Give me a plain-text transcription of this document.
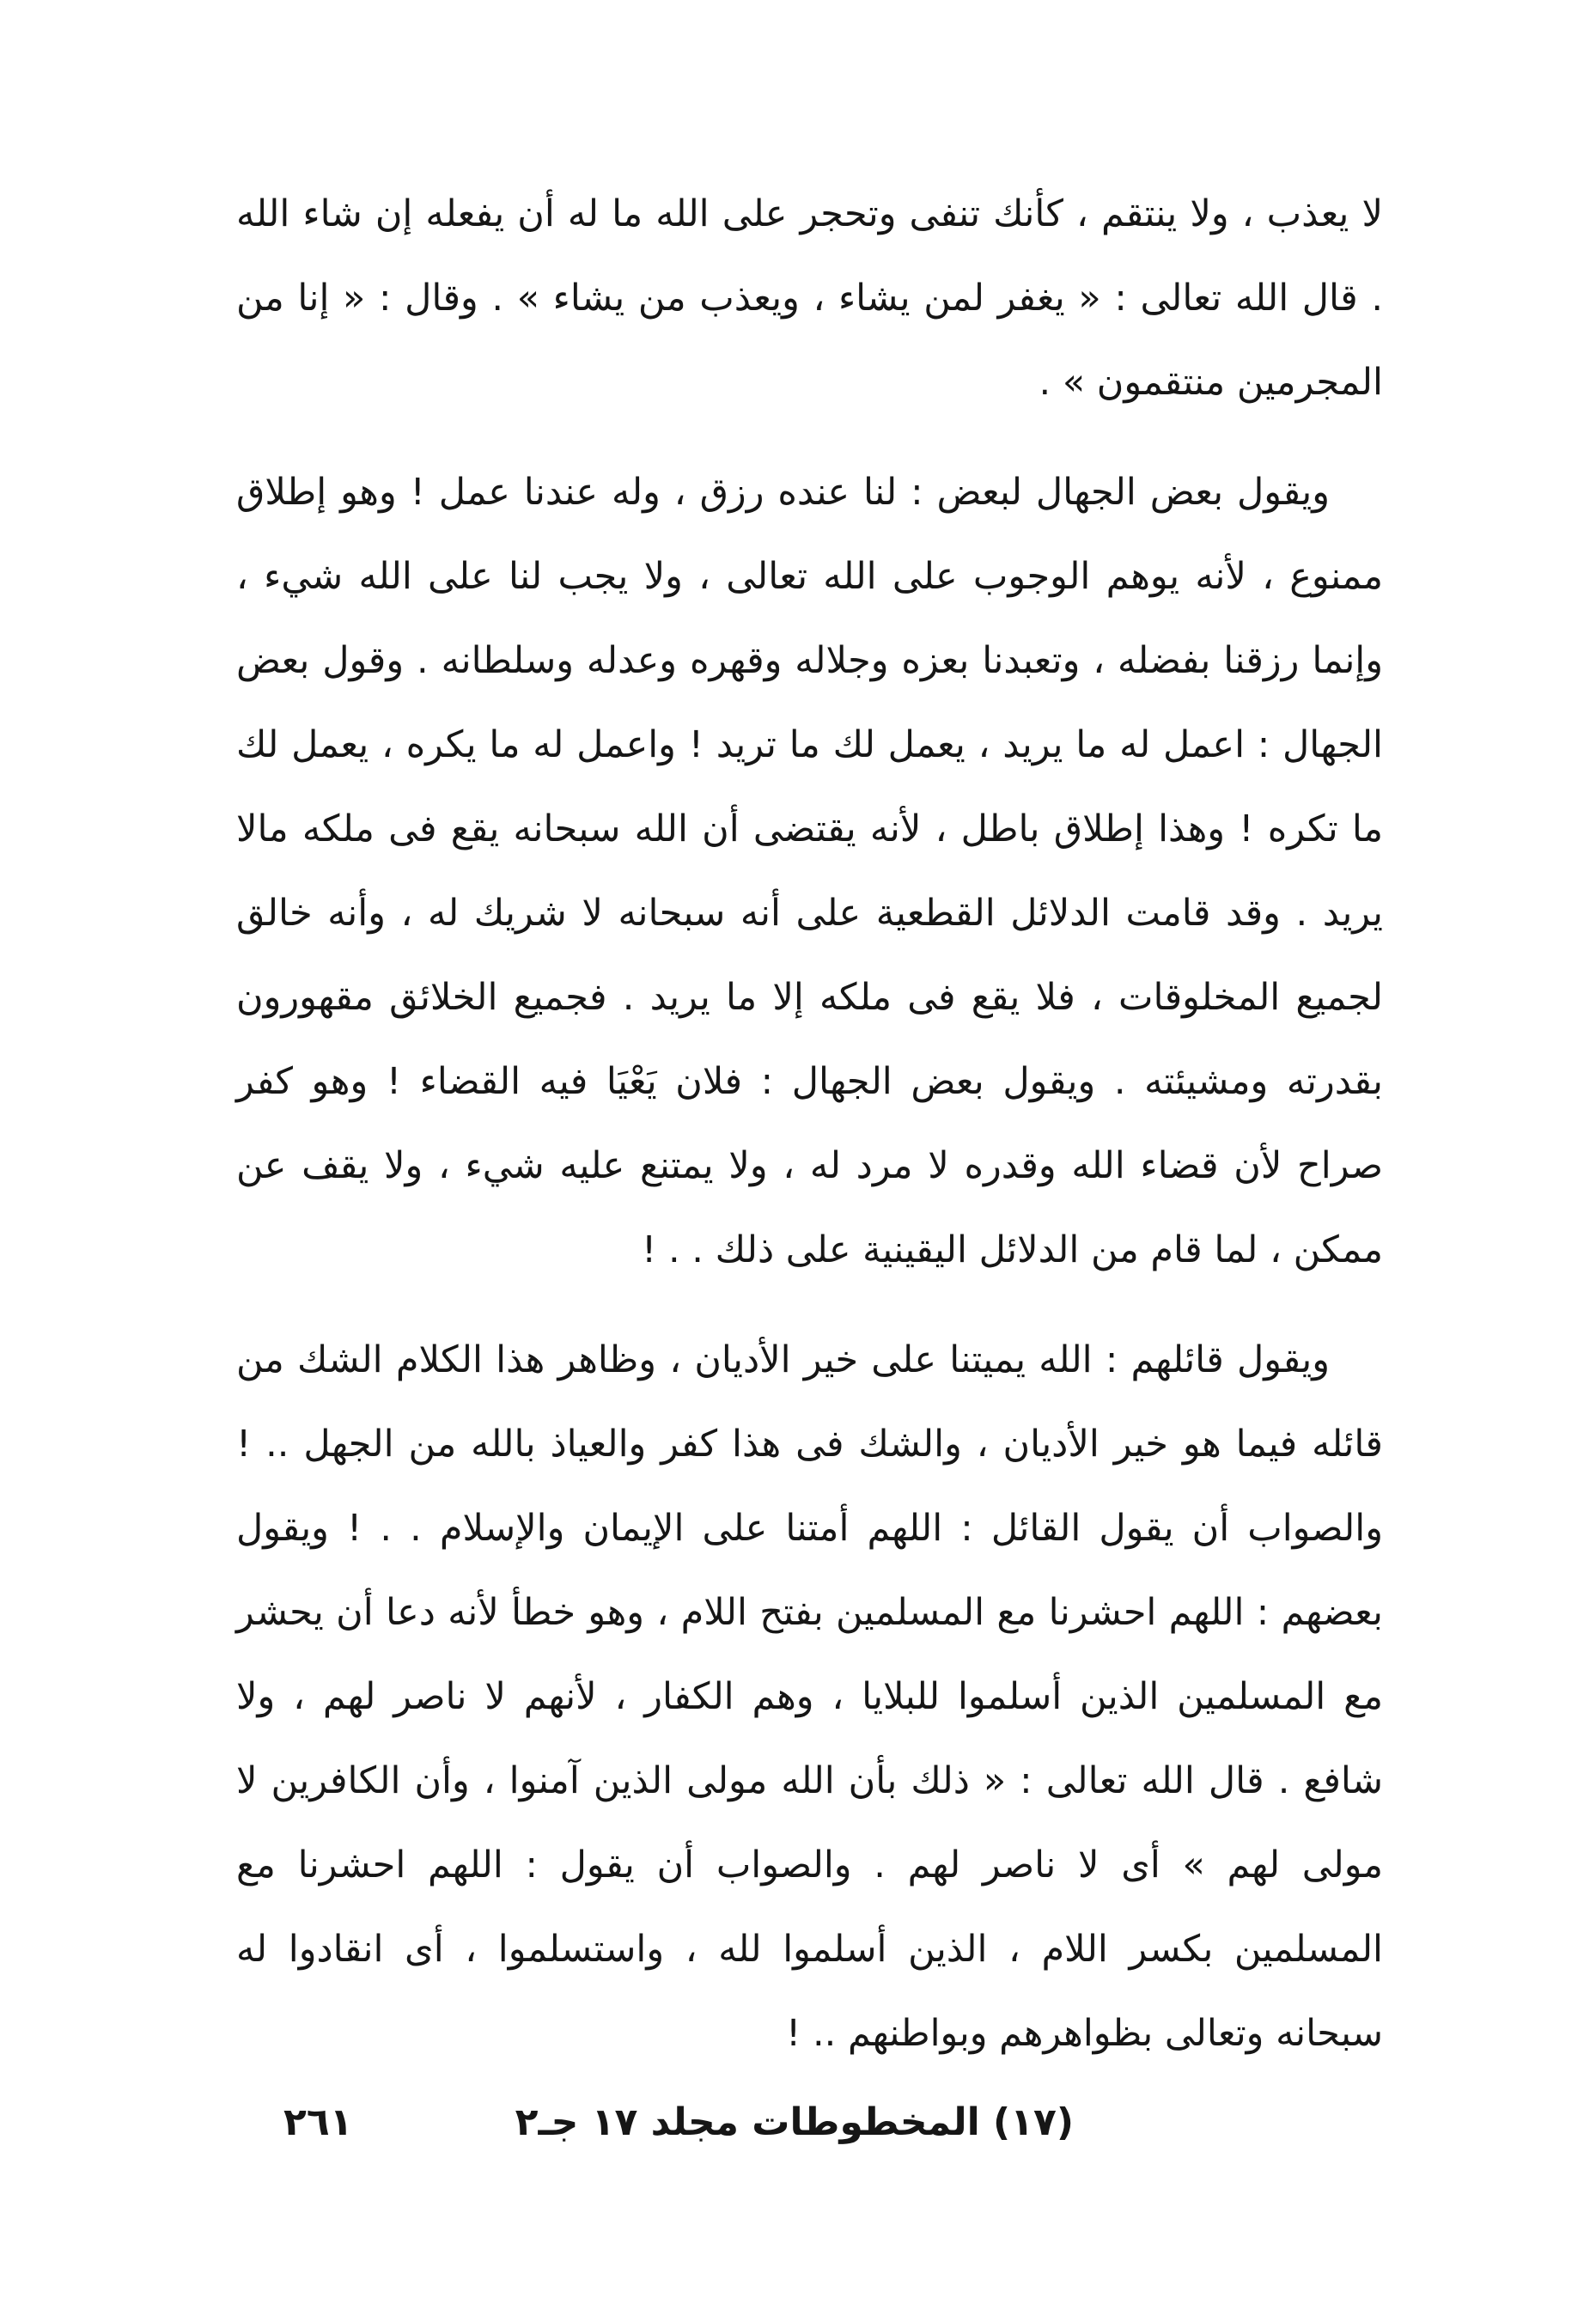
لا يعذب ، ولا ينتقم ، كأنك تنفى وتحجر على الله ما له أن يفعله إن شاء الله . قال الله تعالى : « يغفر لمن يشاء ، ويعذب من يشاء » . وقال : « إنا من المجرمين منتقمون » .

ويقول بعض الجهال لبعض : لنا عنده رزق ، وله عندنا عمل ! وهو إطلاق ممنوع ، لأنه يوهم الوجوب على الله تعالى ، ولا يجب لنا على الله شيء ، وإنما رزقنا بفضله ، وتعبدنا بعزه وجلاله وقهره وعدله وسلطانه . وقول بعض الجهال : اعمل له ما يريد ، يعمل لك ما تريد ! واعمل له ما يكره ، يعمل لك ما تكره ! وهذا إطلاق باطل ، لأنه يقتضى أن الله سبحانه يقع فى ملكه مالا يريد . وقد قامت الدلائل القطعية على أنه سبحانه لا شريك له ، وأنه خالق لجميع المخلوقات ، فلا يقع فى ملكه إلا ما يريد . فجميع الخلائق مقهورون بقدرته ومشيئته . ويقول بعض الجهال : فلان يَعْيَا فيه القضاء ! وهو كفر صراح لأن قضاء الله وقدره لا مرد له ، ولا يمتنع عليه شيء ، ولا يقف عن ممكن ، لما قام من الدلائل اليقينية على ذلك . . !

ويقول قائلهم : الله يميتنا على خير الأديان ، وظاهر هذا الكلام الشك من قائله فيما هو خير الأديان ، والشك فى هذا كفر والعياذ بالله من الجهل .. ! والصواب أن يقول القائل : اللهم أمتنا على الإيمان والإسلام . . ! ويقول بعضهم : اللهم احشرنا مع المسلمين بفتح اللام ، وهو خطأ لأنه دعا أن يحشر مع المسلمين الذين أسلموا للبلايا ، وهم الكفار ، لأنهم لا ناصر لهم ، ولا شافع . قال الله تعالى : « ذلك بأن الله مولى الذين آمنوا ، وأن الكافرين لا مولى لهم » أى لا ناصر لهم . والصواب أن يقول : اللهم احشرنا مع المسلمين بكسر اللام ، الذين أسلموا لله ، واستسلموا ، أى انقادوا له سبحانه وتعالى بظواهرهم وبواطنهم .. !

(١٧) المخطوطات مجلد ١٧ جـ٢
٢٦١
